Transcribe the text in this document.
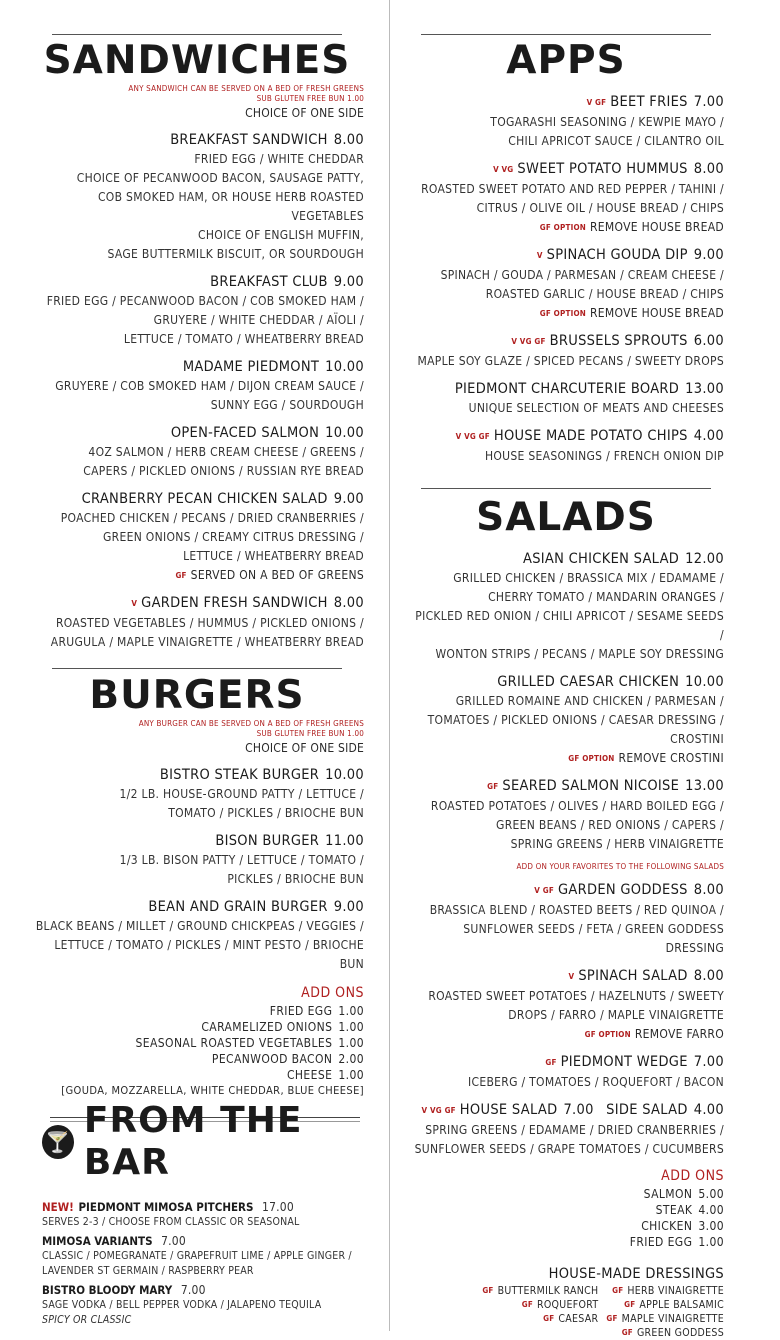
SANDWICHES
ANY SANDWICH CAN BE SERVED ON A BED OF FRESH GREENS
SUB GLUTEN FREE BUN 1.00
CHOICE OF ONE SIDE
BREAKFAST SANDWICH 8.00
FRIED EGG / WHITE CHEDDAR
CHOICE OF PECANWOOD BACON, SAUSAGE PATTY,
COB SMOKED HAM, OR HOUSE HERB ROASTED VEGETABLES
CHOICE OF ENGLISH MUFFIN,
SAGE BUTTERMILK BISCUIT, OR SOURDOUGH
BREAKFAST CLUB 9.00
FRIED EGG / PECANWOOD BACON / COB SMOKED HAM /
GRUYERE / WHITE CHEDDAR / AÏOLI /
LETTUCE / TOMATO / WHEATBERRY BREAD
MADAME PIEDMONT 10.00
GRUYERE / COB SMOKED HAM / DIJON CREAM SAUCE /
SUNNY EGG / SOURDOUGH
OPEN-FACED SALMON 10.00
4OZ SALMON / HERB CREAM CHEESE / GREENS /
CAPERS / PICKLED ONIONS / RUSSIAN RYE BREAD
CRANBERRY PECAN CHICKEN SALAD 9.00
POACHED CHICKEN / PECANS / DRIED CRANBERRIES /
GREEN ONIONS / CREAMY CITRUS DRESSING /
LETTUCE / WHEATBERRY BREAD
GF SERVED ON A BED OF GREENS
V GARDEN FRESH SANDWICH 8.00
ROASTED VEGETABLES / HUMMUS / PICKLED ONIONS /
ARUGULA / MAPLE VINAIGRETTE / WHEATBERRY BREAD
BURGERS
ANY BURGER CAN BE SERVED ON A BED OF FRESH GREENS
SUB GLUTEN FREE BUN 1.00
CHOICE OF ONE SIDE
BISTRO STEAK BURGER 10.00
1/2 LB. HOUSE-GROUND PATTY / LETTUCE /
TOMATO / PICKLES / BRIOCHE BUN
BISON BURGER 11.00
1/3 LB. BISON PATTY / LETTUCE / TOMATO /
PICKLES / BRIOCHE BUN
BEAN AND GRAIN BURGER 9.00
BLACK BEANS / MILLET / GROUND CHICKPEAS / VEGGIES /
LETTUCE / TOMATO / PICKLES / MINT PESTO / BRIOCHE BUN
ADD ONS
FRIED EGG 1.00
CARAMELIZED ONIONS 1.00
SEASONAL ROASTED VEGETABLES 1.00
PECANWOOD BACON 2.00
CHEESE 1.00
[GOUDA, MOZZARELLA, WHITE CHEDDAR, BLUE CHEESE]
🍸
FROM THE BAR
NEW! PIEDMONT MIMOSA PITCHERS 17.00
SERVES 2-3 / CHOOSE FROM CLASSIC OR SEASONAL
MIMOSA VARIANTS 7.00
CLASSIC / POMEGRANATE / GRAPEFRUIT LIME / APPLE GINGER /
LAVENDER ST GERMAIN / RASPBERRY PEAR
BISTRO BLOODY MARY 7.00
SAGE VODKA / BELL PEPPER VODKA / JALAPENO TEQUILA
SPICY OR CLASSIC
APPS
V GF BEET FRIES 7.00
TOGARASHI SEASONING / KEWPIE MAYO /
CHILI APRICOT SAUCE / CILANTRO OIL
V VG SWEET POTATO HUMMUS 8.00
ROASTED SWEET POTATO AND RED PEPPER / TAHINI /
CITRUS / OLIVE OIL / HOUSE BREAD / CHIPS
GF OPTION REMOVE HOUSE BREAD
V SPINACH GOUDA DIP 9.00
SPINACH / GOUDA / PARMESAN / CREAM CHEESE /
ROASTED GARLIC / HOUSE BREAD / CHIPS
GF OPTION REMOVE HOUSE BREAD
V VG GF BRUSSELS SPROUTS 6.00
MAPLE SOY GLAZE / SPICED PECANS / SWEETY DROPS
PIEDMONT CHARCUTERIE BOARD 13.00
UNIQUE SELECTION OF MEATS AND CHEESES
V VG GF HOUSE MADE POTATO CHIPS 4.00
HOUSE SEASONINGS / FRENCH ONION DIP
SALADS
ASIAN CHICKEN SALAD 12.00
GRILLED CHICKEN / BRASSICA MIX / EDAMAME /
CHERRY TOMATO / MANDARIN ORANGES /
PICKLED RED ONION / CHILI APRICOT / SESAME SEEDS /
WONTON STRIPS / PECANS / MAPLE SOY DRESSING
GRILLED CAESAR CHICKEN 10.00
GRILLED ROMAINE AND CHICKEN / PARMESAN /
TOMATOES / PICKLED ONIONS / CAESAR DRESSING / CROSTINI
GF OPTION REMOVE CROSTINI
GF SEARED SALMON NICOISE 13.00
ROASTED POTATOES / OLIVES / HARD BOILED EGG /
GREEN BEANS / RED ONIONS / CAPERS /
SPRING GREENS / HERB VINAIGRETTE
ADD ON YOUR FAVORITES TO THE FOLLOWING SALADS
V GF GARDEN GODDESS 8.00
BRASSICA BLEND / ROASTED BEETS / RED QUINOA /
SUNFLOWER SEEDS / FETA / GREEN GODDESS DRESSING
V SPINACH SALAD 8.00
ROASTED SWEET POTATOES / HAZELNUTS / SWEETY
DROPS / FARRO / MAPLE VINAIGRETTE
GF OPTION REMOVE FARRO
GF PIEDMONT WEDGE 7.00
ICEBERG / TOMATOES / ROQUEFORT / BACON
V VG GF HOUSE SALAD 7.00 SIDE SALAD 4.00
SPRING GREENS / EDAMAME / DRIED CRANBERRIES /
SUNFLOWER SEEDS / GRAPE TOMATOES / CUCUMBERS
ADD ONS
SALMON 5.00
STEAK 4.00
CHICKEN 3.00
FRIED EGG 1.00
HOUSE-MADE DRESSINGS
GF BUTTERMILK RANCH
GF ROQUEFORT
GF CAESAR
GF HERB VINAIGRETTE
GF APPLE BALSAMIC
GF MAPLE VINAIGRETTE
GF GREEN GODDESS
